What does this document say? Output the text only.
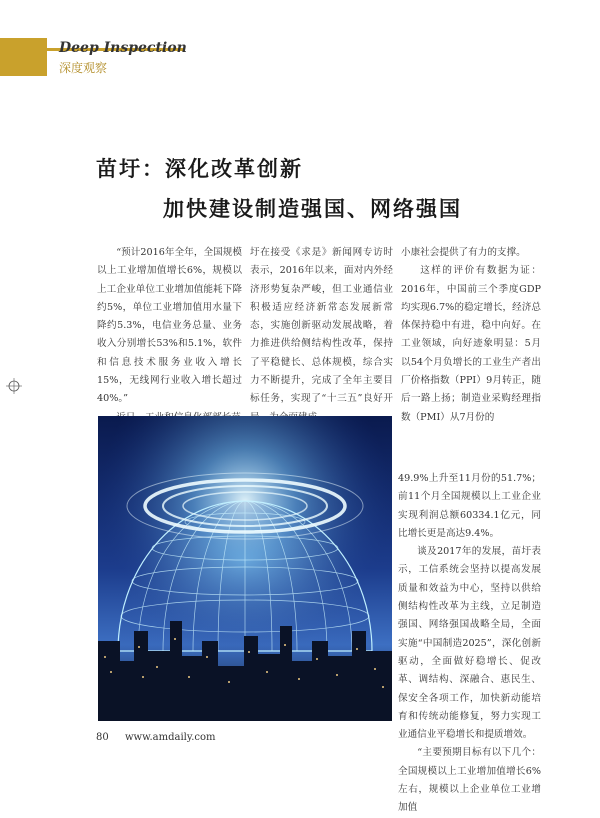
Deep Inspection
深度观察
苗圩：深化改革创新
加快建设制造强国、网络强国

“预计2016年全年，全国规模以上工业增加值增长6%，规模以上工企业单位工业增加值能耗下降约5%，单位工业增加值用水量下降约5.3%，电信业务总量、业务收入分别增长53%和5.1%，软件和信息技术服务业收入增长15%，无线网行业收入增长超过40%。”

圩在接受《求是》新闻网专访时表示，2016年以来，面对内外经济形势复杂严峻，但工业通信业积极适应经济新常态发展新常态，实施创新驱动发展战略，着力推进供给侧结构性改革，保持了平稳健长、总体规模，综合实力不断提升，完成了全年主要目标任务，实现了“十三五”良好开

小康社会提供了有力的支撑。

这样的评价有数据为证：2016年，中国前三个季度GDP均实现6.7%的稳定增长，经济总体保持稳中有进，稳中向好。在工业领域，向好迹象明显：5月以54个月负增长的工业生产者出厂价格指数（PPI）9月转正，随后一路上扬；制造业采购经理指数（PMI）从7月份的

49.9%上升至11月份的51.7%；前11个月全国规模以上工业企业实现利润总额60334.1亿元，同比增长更是高达9.4%。

谈及2017年的发展，苗圩表示，工信系统会坚持以提高发展质量和效益为中心，坚持以供给侧结构性改革为主线，立足制造强国、网络强国战略全局，全面实施“中国制造2025”，深化创新驱动，全面做好稳增长、促改革、调结构、深融合、惠民生、保安全各项工作，加快新动能培育和传统动能修复，努力实现工业通信业平稳增长和提质增效。

“主要预期目标有以下几个：全国规模以上工业增加值增长6%左右，规模以上企业单位工业增加值

80 www.amdaily.com
